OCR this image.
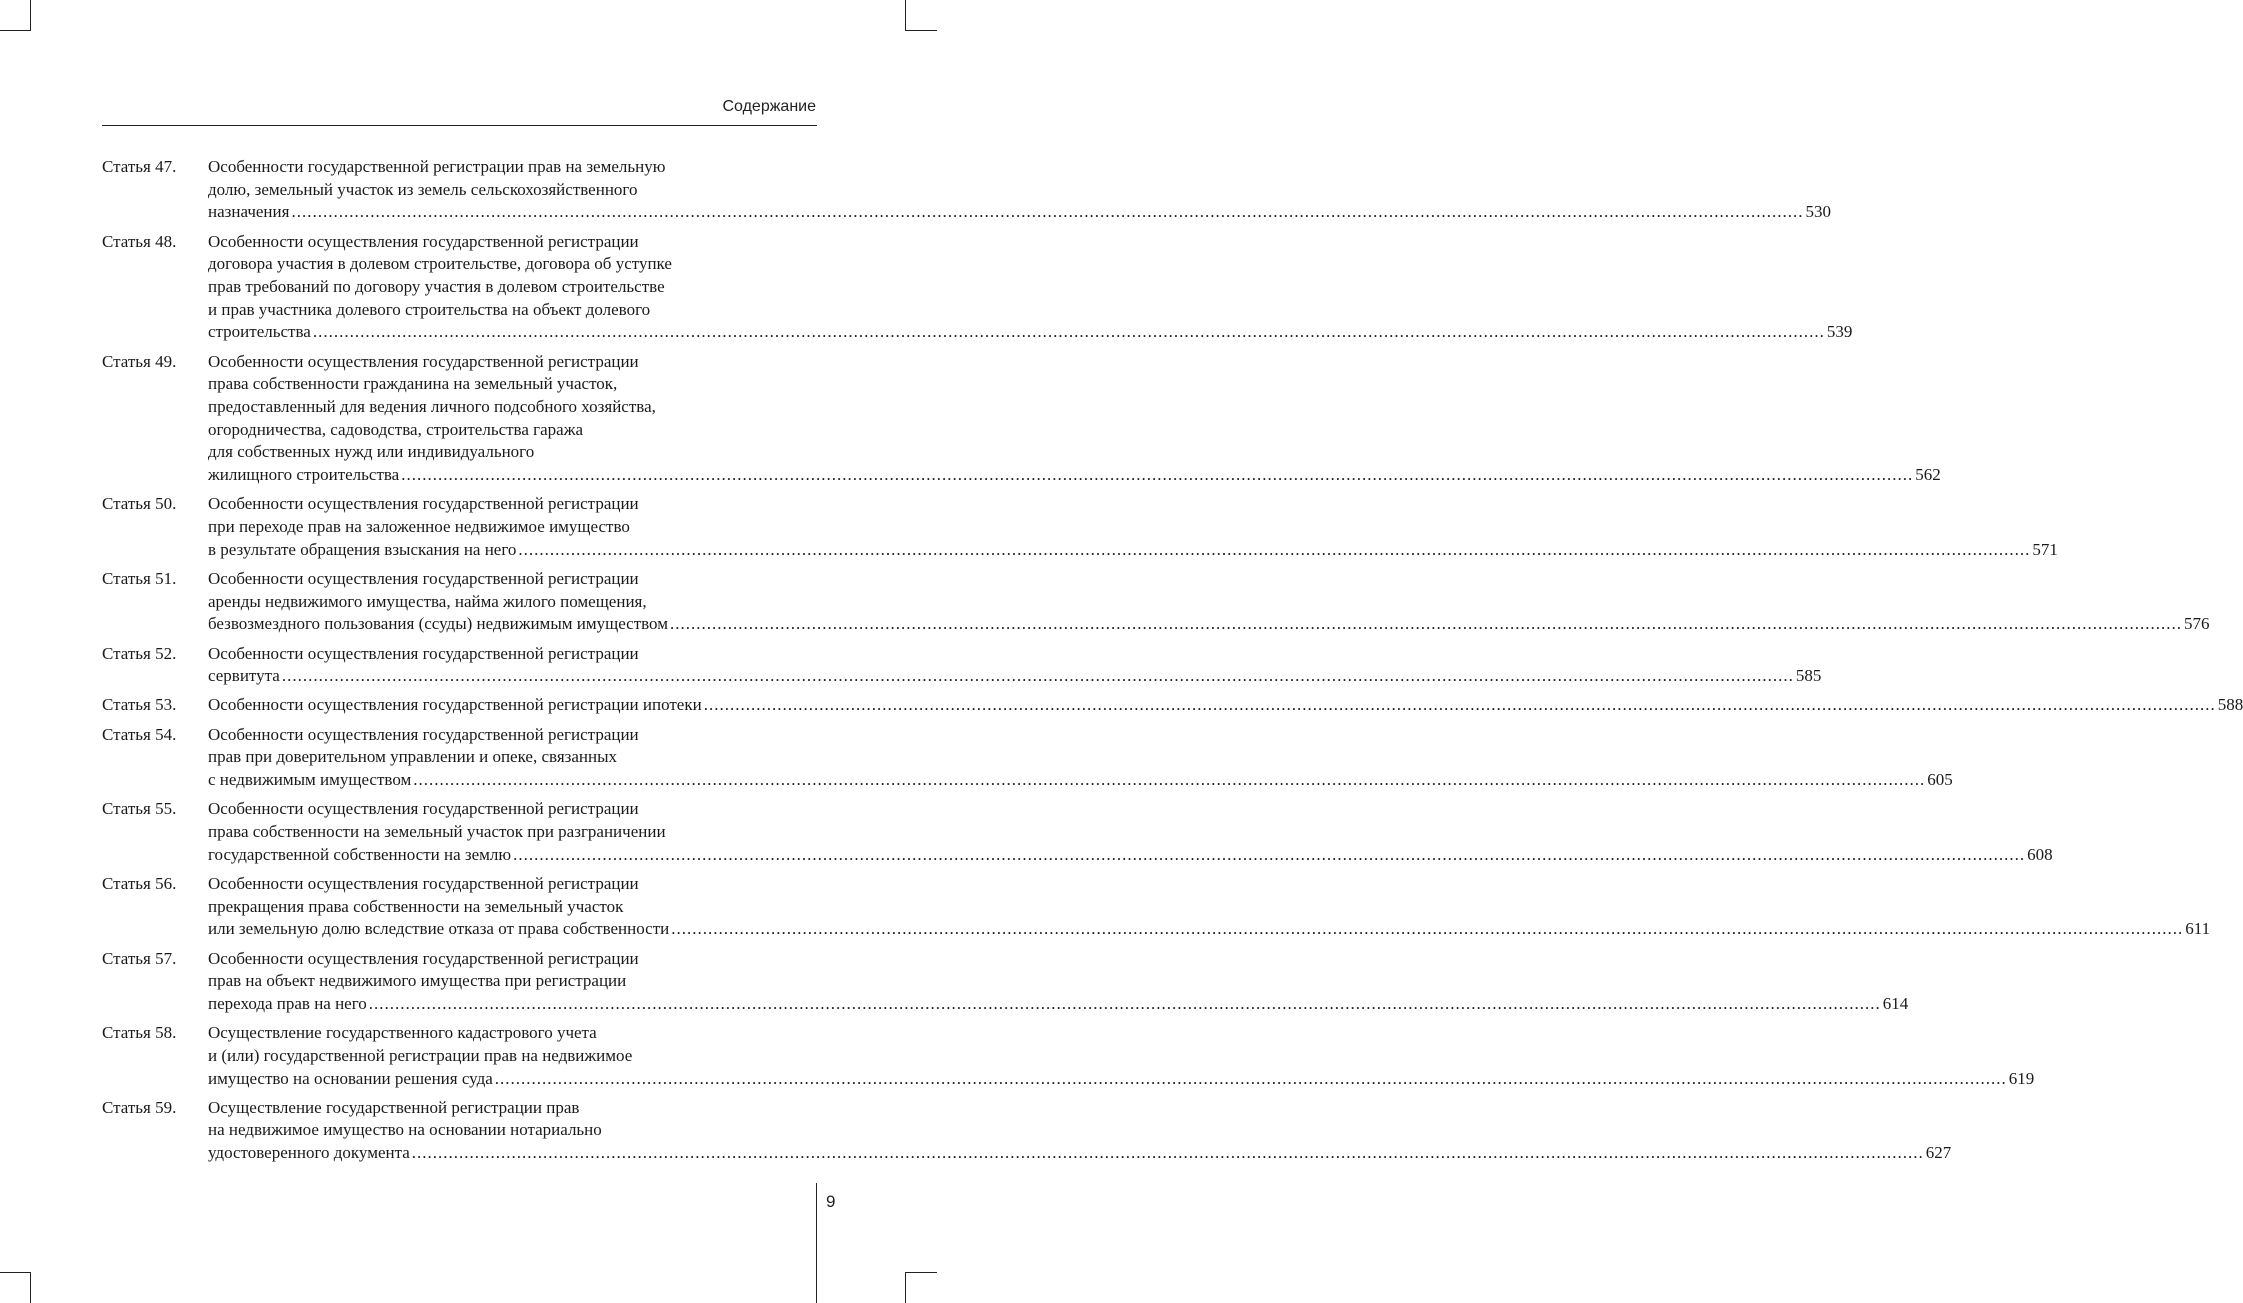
Содержание
Статья 47.	Особенности государственной регистрации прав на земельную
долю, земельный участок из земель сельскохозяйственного
назначения .....	530
Статья 48.	Особенности осуществления государственной регистрации
договора участия в долевом строительстве, договора об уступке
прав требований по договору участия в долевом строительстве
и прав участника долевого строительства на объект долевого
строительства .....	539
Статья 49.	Особенности осуществления государственной регистрации
права собственности гражданина на земельный участок,
предоставленный для ведения личного подсобного хозяйства,
огородничества, садоводства, строительства гаража
для собственных нужд или индивидуального
жилищного строительства .....	562
Статья 50.	Особенности осуществления государственной регистрации
при переходе прав на заложенное недвижимое имущество
в результате обращения взыскания на него .....	571
Статья 51.	Особенности осуществления государственной регистрации
аренды недвижимого имущества, найма жилого помещения,
безвозмездного пользования (ссуды) недвижимым имуществом .....	576
Статья 52.	Особенности осуществления государственной регистрации
сервитута .....	585
Статья 53.	Особенности осуществления государственной регистрации ипотеки .....	588
Статья 54.	Особенности осуществления государственной регистрации
прав при доверительном управлении и опеке, связанных
с недвижимым имуществом .....	605
Статья 55.	Особенности осуществления государственной регистрации
права собственности на земельный участок при разграничении
государственной собственности на землю .....	608
Статья 56.	Особенности осуществления государственной регистрации
прекращения права собственности на земельный участок
или земельную долю вследствие отказа от права собственности .....	611
Статья 57.	Особенности осуществления государственной регистрации
прав на объект недвижимого имущества при регистрации
перехода прав на него .....	614
Статья 58.	Осуществление государственного кадастрового учета
и (или) государственной регистрации прав на недвижимое
имущество на основании решения суда .....	619
Статья 59.	Осуществление государственной регистрации прав
на недвижимое имущество на основании нотариально
удостоверенного документа .....	627
9
